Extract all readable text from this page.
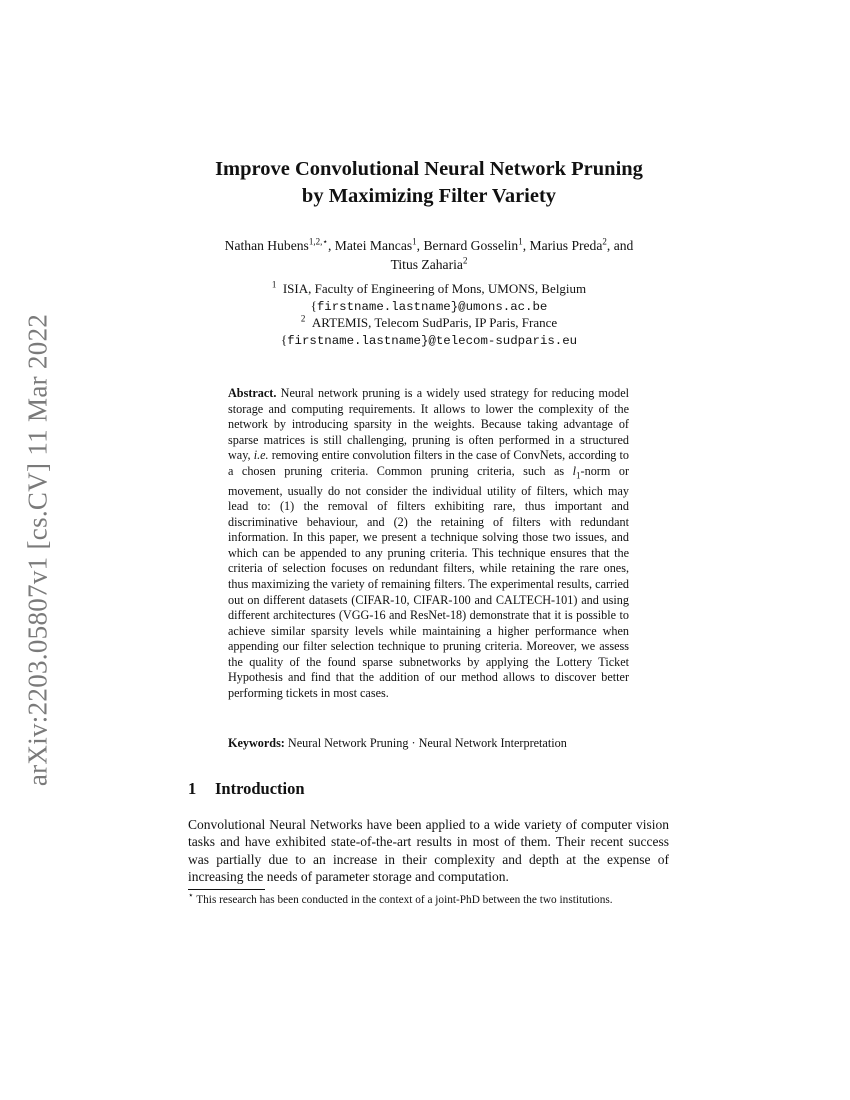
arXiv:2203.05807v1 [cs.CV] 11 Mar 2022
Improve Convolutional Neural Network Pruning
by Maximizing Filter Variety
Nathan Hubens$^{1,2,⋆}$, Matei Mancas$^1$, Bernard Gosselin$^1$, Marius Preda$^2$, and
Titus Zaharia$^2$
$^1$ ISIA, Faculty of Engineering of Mons, UMONS, Belgium
{firstname.lastname}@umons.ac.be
$^2$ ARTEMIS, Telecom SudParis, IP Paris, France
{firstname.lastname}@telecom-sudparis.eu
Abstract. Neural network pruning is a widely used strategy for reducing model storage and computing requirements. It allows to lower the complexity of the network by introducing sparsity in the weights. Because taking advantage of sparse matrices is still challenging, pruning is often performed in a structured way, i.e. removing entire convolution filters in the case of ConvNets, according to a chosen pruning criteria. Common pruning criteria, such as $l_1$-norm or movement, usually do not consider the individual utility of filters, which may lead to: (1) the removal of filters exhibiting rare, thus important and discriminative behaviour, and (2) the retaining of filters with redundant information. In this paper, we present a technique solving those two issues, and which can be appended to any pruning criteria. This technique ensures that the criteria of selection focuses on redundant filters, while retaining the rare ones, thus maximizing the variety of remaining filters. The experimental results, carried out on different datasets (CIFAR-10, CIFAR-100 and CALTECH-101) and using different architectures (VGG-16 and ResNet-18) demonstrate that it is possible to achieve similar sparsity levels while maintaining a higher performance when appending our filter selection technique to pruning criteria. Moreover, we assess the quality of the found sparse subnetworks by applying the Lottery Ticket Hypothesis and find that the addition of our method allows to discover better performing tickets in most cases.
Keywords: Neural Network Pruning · Neural Network Interpretation
1 Introduction
Convolutional Neural Networks have been applied to a wide variety of computer vision tasks and have exhibited state-of-the-art results in most of them. Their recent success was partially due to an increase in their complexity and depth at the expense of increasing the needs of parameter storage and computation.
⋆ This research has been conducted in the context of a joint-PhD between the two institutions.
